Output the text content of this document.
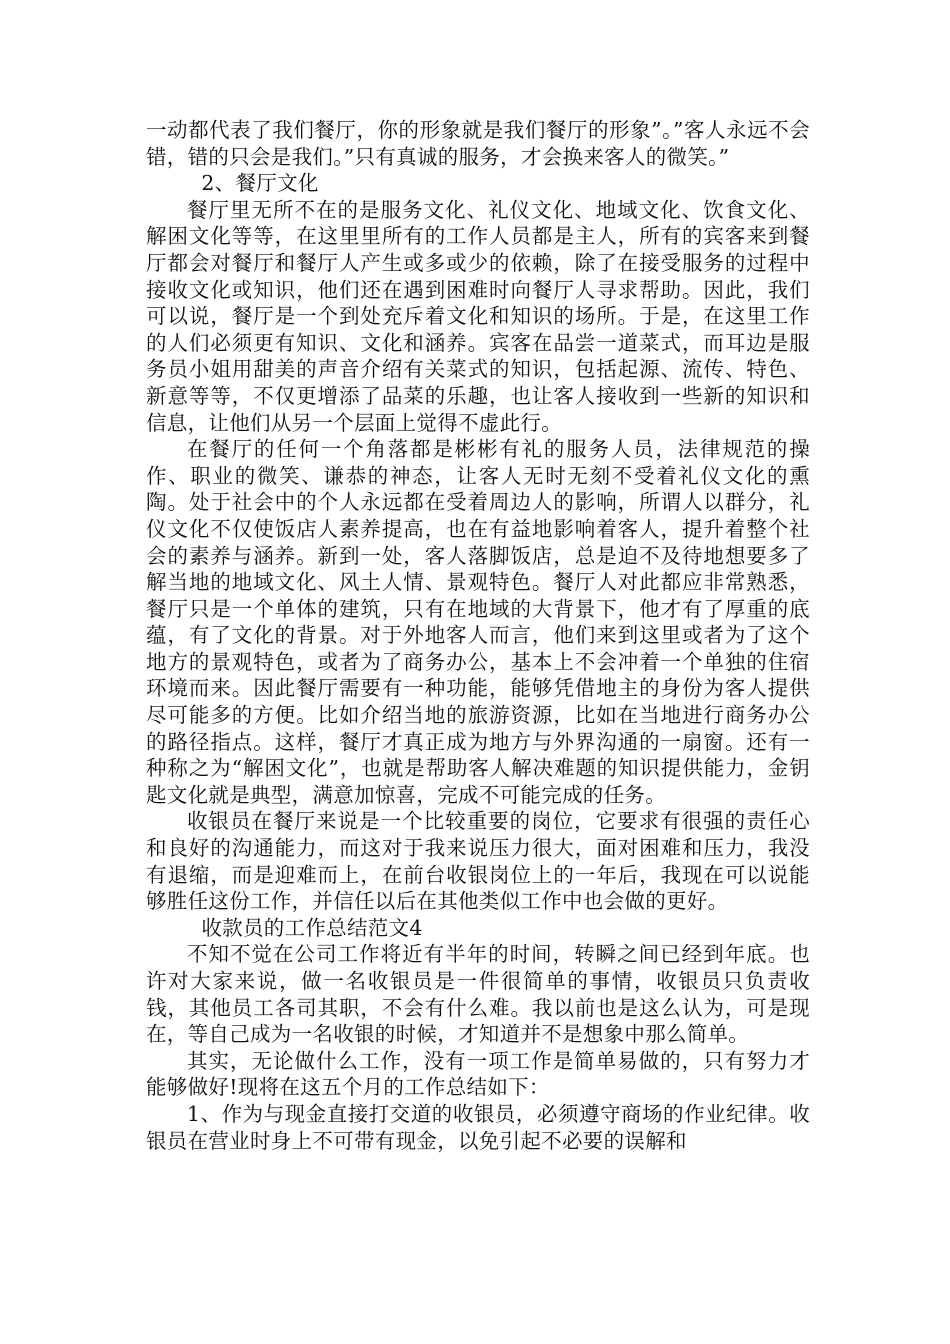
一动都代表了我们餐厅，你的形象就是我们餐厅的形象”。”客人永远不会错，错的只会是我们。”只有真诚的服务，才会换来客人的微笑。”

2、餐厅文化

餐厅里无所不在的是服务文化、礼仪文化、地域文化、饮食文化、解困文化等等，在这里里所有的工作人员都是主人，所有的宾客来到餐厅都会对餐厅和餐厅人产生或多或少的依赖，除了在接受服务的过程中接收文化或知识，他们还在遇到困难时向餐厅人寻求帮助。因此，我们可以说，餐厅是一个到处充斥着文化和知识的场所。于是，在这里工作的人们必须更有知识、文化和涵养。宾客在品尝一道菜式，而耳边是服务员小姐用甜美的声音介绍有关菜式的知识，包括起源、流传、特色、新意等等，不仅更增添了品菜的乐趣，也让客人接收到一些新的知识和信息，让他们从另一个层面上觉得不虚此行。

在餐厅的任何一个角落都是彬彬有礼的服务人员，法律规范的操作、职业的微笑、谦恭的神态，让客人无时无刻不受着礼仪文化的熏陶。处于社会中的个人永远都在受着周边人的影响，所谓人以群分，礼仪文化不仅使饭店人素养提高，也在有益地影响着客人，提升着整个社会的素养与涵养。新到一处，客人落脚饭店，总是迫不及待地想要多了解当地的地域文化、风土人情、景观特色。餐厅人对此都应非常熟悉，餐厅只是一个单体的建筑，只有在地域的大背景下，他才有了厚重的底蕴，有了文化的背景。对于外地客人而言，他们来到这里或者为了这个地方的景观特色，或者为了商务办公，基本上不会冲着一个单独的住宿环境而来。因此餐厅需要有一种功能，能够凭借地主的身份为客人提供尽可能多的方便。比如介绍当地的旅游资源，比如在当地进行商务办公的路径指点。这样，餐厅才真正成为地方与外界沟通的一扇窗。还有一种称之为“解困文化”，也就是帮助客人解决难题的知识提供能力，金钥匙文化就是典型，满意加惊喜，完成不可能完成的任务。

收银员在餐厅来说是一个比较重要的岗位，它要求有很强的责任心和良好的沟通能力，而这对于我来说压力很大，面对困难和压力，我没有退缩，而是迎难而上，在前台收银岗位上的一年后，我现在可以说能够胜任这份工作，并信任以后在其他类似工作中也会做的更好。

收款员的工作总结范文4

不知不觉在公司工作将近有半年的时间，转瞬之间已经到年底。也许对大家来说，做一名收银员是一件很简单的事情，收银员只负责收钱，其他员工各司其职，不会有什么难。我以前也是这么认为，可是现在，等自己成为一名收银的时候，才知道并不是想象中那么简单。

其实，无论做什么工作，没有一项工作是简单易做的，只有努力才能够做好!现将在这五个月的工作总结如下：

1、作为与现金直接打交道的收银员，必须遵守商场的作业纪律。收银员在营业时身上不可带有现金，以免引起不必要的误解和
